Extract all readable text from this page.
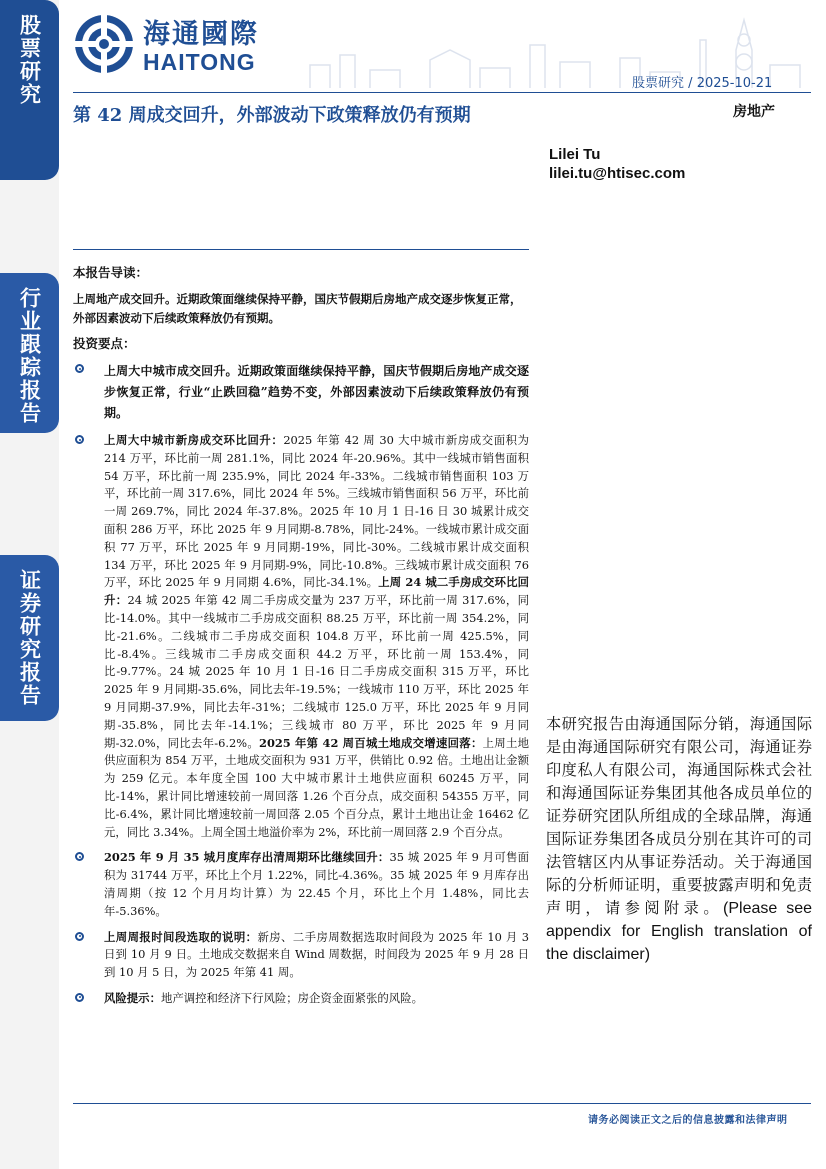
股票研究
行业跟踪报告
证券研究报告
海通國際
HAITONG
股票研究 / 2025-10-21
第 42 周成交回升，外部波动下政策释放仍有预期	房地产
Lilei Tu
lilei.tu@htisec.com
本报告导读：
上周地产成交回升。近期政策面继续保持平静，国庆节假期后房地产成交逐步恢复正常，外部因素波动下后续政策释放仍有预期。
投资要点：
上周大中城市成交回升。近期政策面继续保持平静，国庆节假期后房地产成交逐步恢复正常，行业“止跌回稳”趋势不变，外部因素波动下后续政策释放仍有预期。
上周大中城市新房成交环比回升：2025 年第 42 周 30 大中城市新房成交面积为 214 万平，环比前一周 281.1%，同比 2024 年-20.96%。其中一线城市销售面积 54 万平，环比前一周 235.9%，同比 2024 年-33%。二线城市销售面积 103 万平，环比前一周 317.6%，同比 2024 年 5%。三线城市销售面积 56 万平，环比前一周 269.7%，同比 2024 年-37.8%。2025 年 10 月 1 日-16 日 30 城累计成交面积 286 万平，环比 2025 年 9 月同期-8.78%，同比-24%。一线城市累计成交面积 77 万平，环比 2025 年 9 月同期-19%，同比-30%。二线城市累计成交面积 134 万平，环比 2025 年 9 月同期-9%，同比-10.8%。三线城市累计成交面积 76 万平，环比 2025 年 9 月同期 4.6%，同比-34.1%。上周 24 城二手房成交环比回升：24 城 2025 年第 42 周二手房成交量为 237 万平，环比前一周 317.6%，同比-14.0%。其中一线城市二手房成交面积 88.25 万平，环比前一周 354.2%，同比-21.6%。二线城市二手房成交面积 104.8 万平，环比前一周 425.5%，同比-8.4%。三线城市二手房成交面积 44.2 万平，环比前一周 153.4%，同比-9.77%。24 城 2025 年 10 月 1 日-16 日二手房成交面积 315 万平，环比 2025 年 9 月同期-35.6%，同比去年-19.5%；一线城市 110 万平，环比 2025 年 9 月同期-37.9%，同比去年-31%；二线城市 125.0 万平，环比 2025 年 9 月同期-35.8%，同比去年-14.1%；三线城市 80 万平，环比 2025 年 9 月同期-32.0%，同比去年-6.2%。2025 年第 42 周百城土地成交增速回落：上周土地供应面积为 854 万平，土地成交面积为 931 万平，供销比 0.92 倍。土地出让金额为 259 亿元。本年度全国 100 大中城市累计土地供应面积 60245 万平，同比-14%，累计同比增速较前一周回落 1.26 个百分点，成交面积 54355 万平，同比-6.4%，累计同比增速较前一周回落 2.05 个百分点，累计土地出让金 16462 亿元，同比 3.34%。上周全国土地溢价率为 2%，环比前一周回落 2.9 个百分点。
2025 年 9 月 35 城月度库存出清周期环比继续回升：35 城 2025 年 9 月可售面积为 31744 万平，环比上个月 1.22%，同比-4.36%。35 城 2025 年 9 月库存出清周期（按 12 个月月均计算）为 22.45 个月，环比上个月 1.48%，同比去年-5.36%。
上周周报时间段选取的说明：新房、二手房周数据选取时间段为 2025 年 10 月 3 日到 10 月 9 日。土地成交数据来自 Wind 周数据，时间段为 2025 年 9 月 28 日到 10 月 5 日，为 2025 年第 41 周。
风险提示：地产调控和经济下行风险；房企资金面紧张的风险。
本研究报告由海通国际分销，海通国际是由海通国际研究有限公司，海通证券印度私人有限公司，海通国际株式会社和海通国际证券集团其他各成员单位的证券研究团队所组成的全球品牌，海通国际证券集团各成员分别在其许可的司法管辖区内从事证券活动。关于海通国际的分析师证明，重要披露声明和免责声明，请参阅附录。(Please see appendix for English translation of the disclaimer)
请务必阅读正文之后的信息披露和法律声明
